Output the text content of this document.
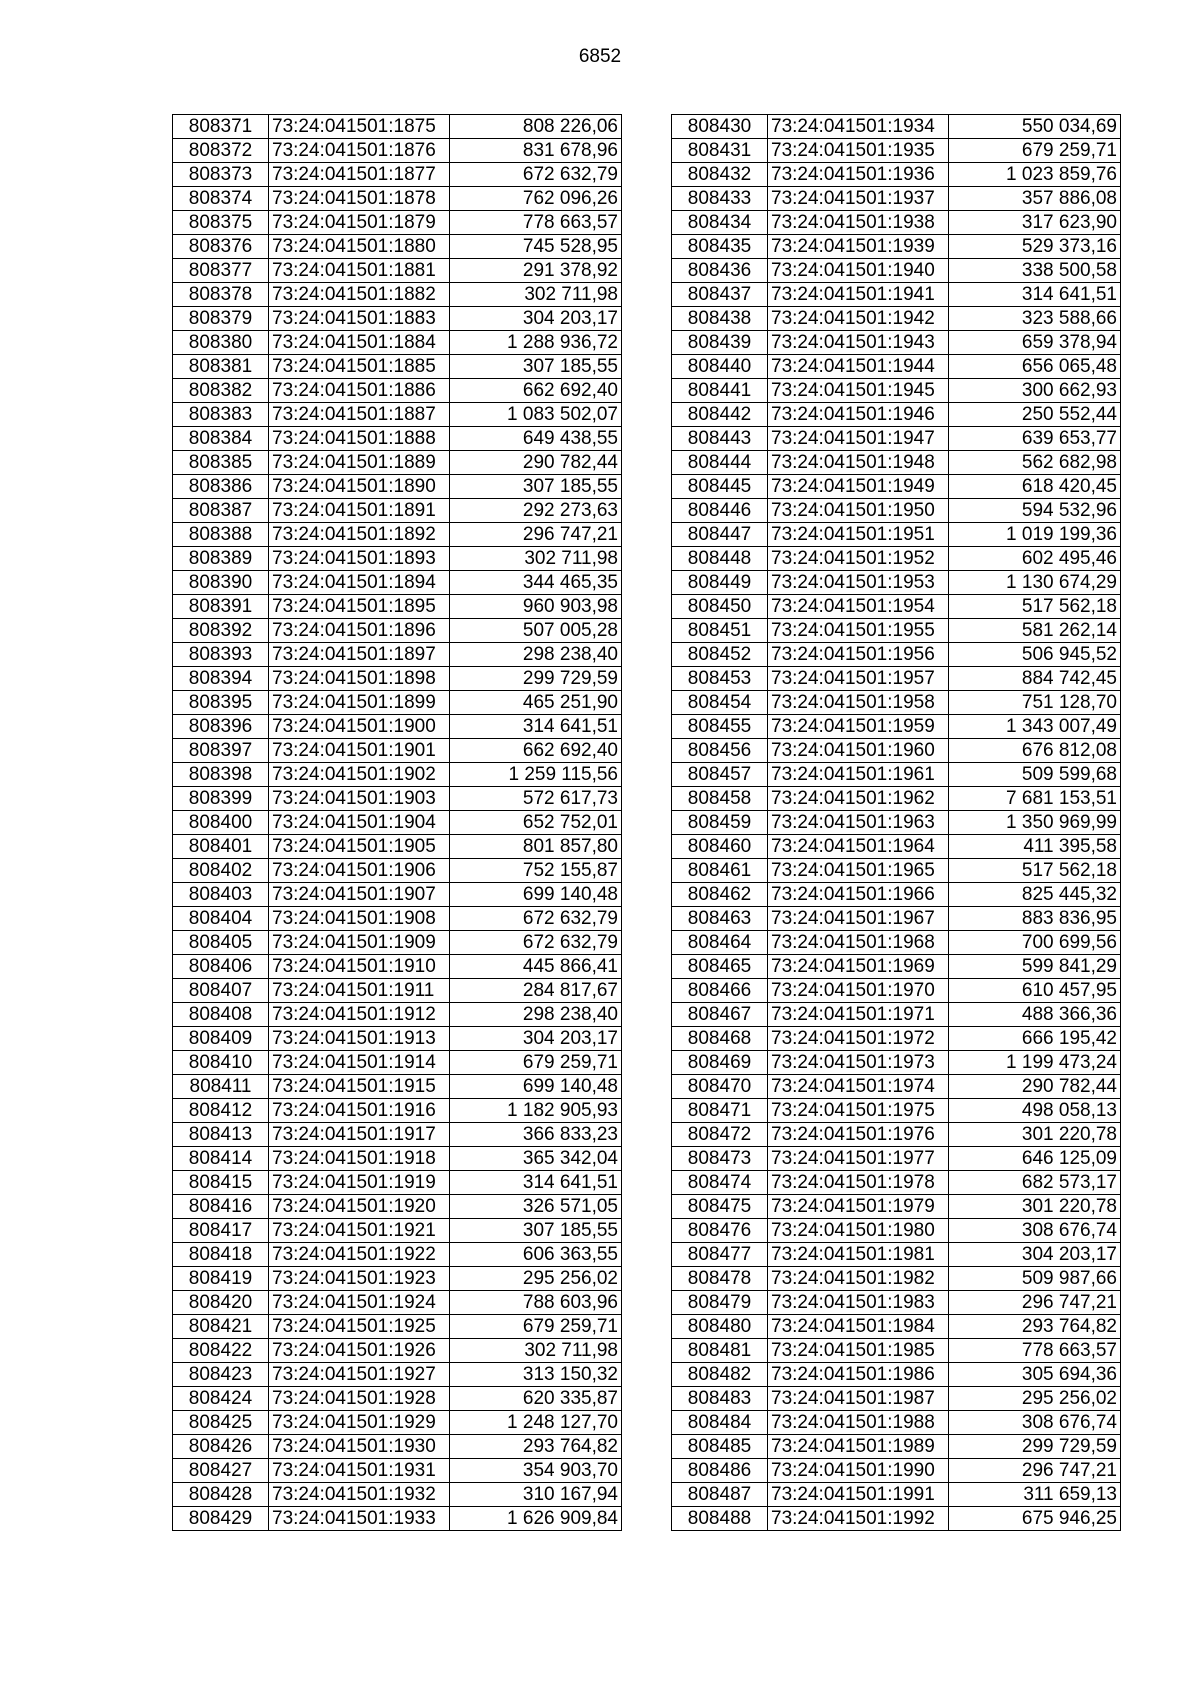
6852
808371	73:24:041501:1875	808 226,06
808372	73:24:041501:1876	831 678,96
808373	73:24:041501:1877	672 632,79
808374	73:24:041501:1878	762 096,26
808375	73:24:041501:1879	778 663,57
808376	73:24:041501:1880	745 528,95
808377	73:24:041501:1881	291 378,92
808378	73:24:041501:1882	302 711,98
808379	73:24:041501:1883	304 203,17
808380	73:24:041501:1884	1 288 936,72
808381	73:24:041501:1885	307 185,55
808382	73:24:041501:1886	662 692,40
808383	73:24:041501:1887	1 083 502,07
808384	73:24:041501:1888	649 438,55
808385	73:24:041501:1889	290 782,44
808386	73:24:041501:1890	307 185,55
808387	73:24:041501:1891	292 273,63
808388	73:24:041501:1892	296 747,21
808389	73:24:041501:1893	302 711,98
808390	73:24:041501:1894	344 465,35
808391	73:24:041501:1895	960 903,98
808392	73:24:041501:1896	507 005,28
808393	73:24:041501:1897	298 238,40
808394	73:24:041501:1898	299 729,59
808395	73:24:041501:1899	465 251,90
808396	73:24:041501:1900	314 641,51
808397	73:24:041501:1901	662 692,40
808398	73:24:041501:1902	1 259 115,56
808399	73:24:041501:1903	572 617,73
808400	73:24:041501:1904	652 752,01
808401	73:24:041501:1905	801 857,80
808402	73:24:041501:1906	752 155,87
808403	73:24:041501:1907	699 140,48
808404	73:24:041501:1908	672 632,79
808405	73:24:041501:1909	672 632,79
808406	73:24:041501:1910	445 866,41
808407	73:24:041501:1911	284 817,67
808408	73:24:041501:1912	298 238,40
808409	73:24:041501:1913	304 203,17
808410	73:24:041501:1914	679 259,71
808411	73:24:041501:1915	699 140,48
808412	73:24:041501:1916	1 182 905,93
808413	73:24:041501:1917	366 833,23
808414	73:24:041501:1918	365 342,04
808415	73:24:041501:1919	314 641,51
808416	73:24:041501:1920	326 571,05
808417	73:24:041501:1921	307 185,55
808418	73:24:041501:1922	606 363,55
808419	73:24:041501:1923	295 256,02
808420	73:24:041501:1924	788 603,96
808421	73:24:041501:1925	679 259,71
808422	73:24:041501:1926	302 711,98
808423	73:24:041501:1927	313 150,32
808424	73:24:041501:1928	620 335,87
808425	73:24:041501:1929	1 248 127,70
808426	73:24:041501:1930	293 764,82
808427	73:24:041501:1931	354 903,70
808428	73:24:041501:1932	310 167,94
808429	73:24:041501:1933	1 626 909,84
808430	73:24:041501:1934	550 034,69
808431	73:24:041501:1935	679 259,71
808432	73:24:041501:1936	1 023 859,76
808433	73:24:041501:1937	357 886,08
808434	73:24:041501:1938	317 623,90
808435	73:24:041501:1939	529 373,16
808436	73:24:041501:1940	338 500,58
808437	73:24:041501:1941	314 641,51
808438	73:24:041501:1942	323 588,66
808439	73:24:041501:1943	659 378,94
808440	73:24:041501:1944	656 065,48
808441	73:24:041501:1945	300 662,93
808442	73:24:041501:1946	250 552,44
808443	73:24:041501:1947	639 653,77
808444	73:24:041501:1948	562 682,98
808445	73:24:041501:1949	618 420,45
808446	73:24:041501:1950	594 532,96
808447	73:24:041501:1951	1 019 199,36
808448	73:24:041501:1952	602 495,46
808449	73:24:041501:1953	1 130 674,29
808450	73:24:041501:1954	517 562,18
808451	73:24:041501:1955	581 262,14
808452	73:24:041501:1956	506 945,52
808453	73:24:041501:1957	884 742,45
808454	73:24:041501:1958	751 128,70
808455	73:24:041501:1959	1 343 007,49
808456	73:24:041501:1960	676 812,08
808457	73:24:041501:1961	509 599,68
808458	73:24:041501:1962	7 681 153,51
808459	73:24:041501:1963	1 350 969,99
808460	73:24:041501:1964	411 395,58
808461	73:24:041501:1965	517 562,18
808462	73:24:041501:1966	825 445,32
808463	73:24:041501:1967	883 836,95
808464	73:24:041501:1968	700 699,56
808465	73:24:041501:1969	599 841,29
808466	73:24:041501:1970	610 457,95
808467	73:24:041501:1971	488 366,36
808468	73:24:041501:1972	666 195,42
808469	73:24:041501:1973	1 199 473,24
808470	73:24:041501:1974	290 782,44
808471	73:24:041501:1975	498 058,13
808472	73:24:041501:1976	301 220,78
808473	73:24:041501:1977	646 125,09
808474	73:24:041501:1978	682 573,17
808475	73:24:041501:1979	301 220,78
808476	73:24:041501:1980	308 676,74
808477	73:24:041501:1981	304 203,17
808478	73:24:041501:1982	509 987,66
808479	73:24:041501:1983	296 747,21
808480	73:24:041501:1984	293 764,82
808481	73:24:041501:1985	778 663,57
808482	73:24:041501:1986	305 694,36
808483	73:24:041501:1987	295 256,02
808484	73:24:041501:1988	308 676,74
808485	73:24:041501:1989	299 729,59
808486	73:24:041501:1990	296 747,21
808487	73:24:041501:1991	311 659,13
808488	73:24:041501:1992	675 946,25
